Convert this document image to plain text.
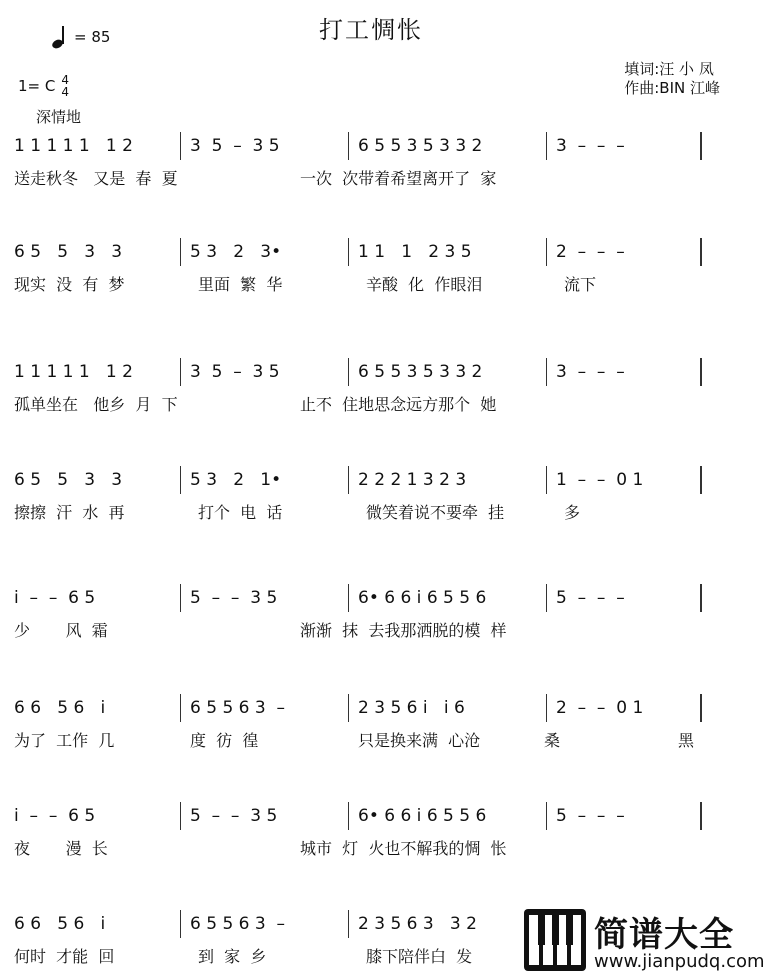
打工惆怅
= 85
1= C 4
4
深情地
填词:汪 小 凤
作曲:BIN 江峰
1 1 1 1 1   1 2	3  5  –  3 5	6 5 5 3 5 3 3 2	3  –  –  –
送走秋冬   又是  春  夏	一次  次带着希望离开了  家
6 5   5   3   3	5 3   2   3•	1 1   1   2 3 5	2  –  –  –
现实  没  有  梦	里面  繁  华	辛酸  化  作眼泪	流下
1 1 1 1 1   1 2	3  5  –  3 5	6 5 5 3 5 3 3 2	3  –  –  –
孤单坐在   他乡  月  下	止不  住地思念远方那个  她
6 5   5   3   3	5 3   2   1•	2 2 2 1 3 2 3	1  –  –  0 1
擦擦  汗  水  再	打个  电  话	微笑着说不要牵  挂	多
i  –  –  6 5	5  –  –  3 5	6• 6 6 i 6 5 5 6	5  –  –  –
少       风  霜	渐渐  抹  去我那洒脱的模  样
6 6   5 6   i	6 5 5 6 3  –	2 3 5 6 i   i 6	2  –  –  0 1
为了  工作  几	度  彷  徨	只是换来满  心沧	桑	黑
i  –  –  6 5	5  –  –  3 5	6• 6 6 i 6 5 5 6	5  –  –  –
夜       漫  长	城市  灯  火也不解我的惆  怅
6 6   5 6   i	6 5 5 6 3  –	2 3 5 6 3   3 2
何时  才能  回	到  家  乡	膝下陪伴白  发
简谱大全
www.jianpudq.com
